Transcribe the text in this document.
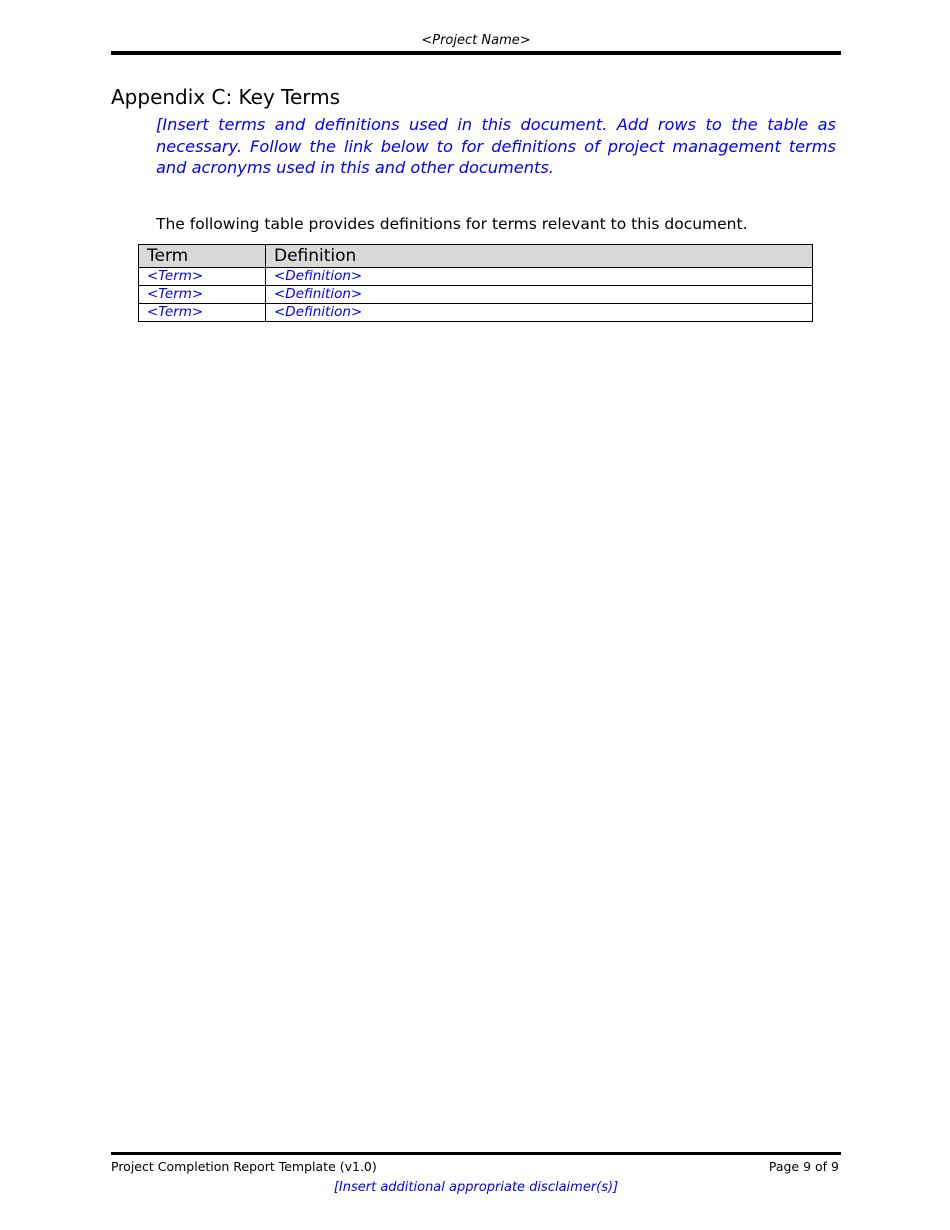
<Project Name>
Appendix C: Key Terms

[Insert terms and definitions used in this document. Add rows to the table as necessary. Follow the link below to for definitions of project management terms and acronyms used in this and other documents.

The following table provides definitions for terms relevant to this document.

Term	Definition
<Term>	<Definition>
<Term>	<Definition>
<Term>	<Definition>
Project Completion Report Template (v1.0)	Page 9 of 9
[Insert additional appropriate disclaimer(s)]
